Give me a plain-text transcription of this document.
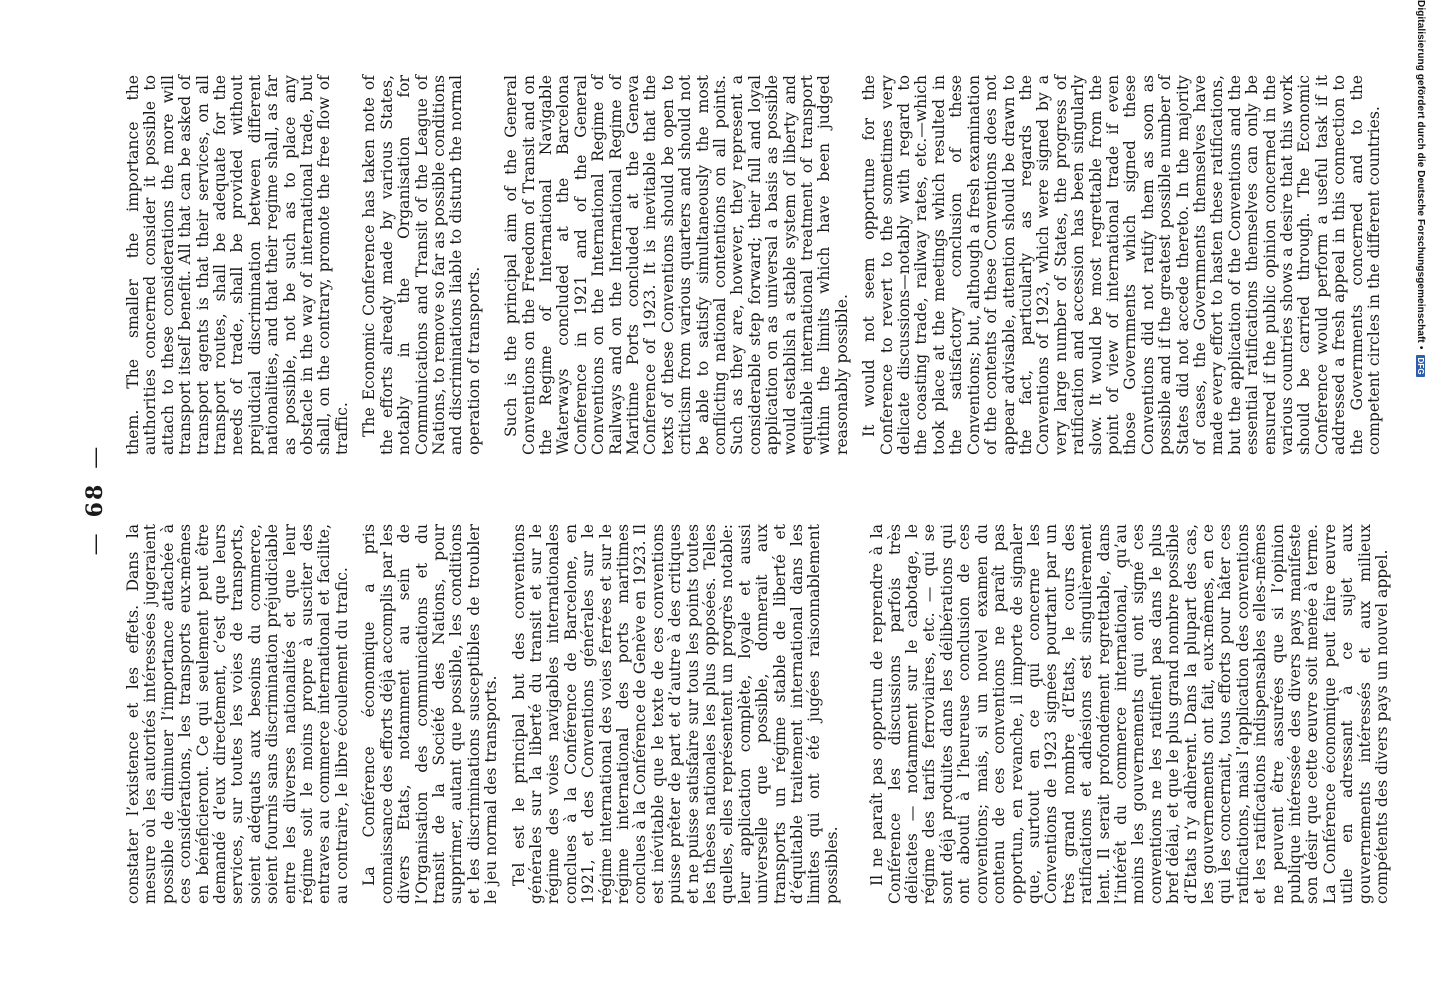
—68—

constater l’existence et les effets. Dans la mesure où les autorités intéressées jugeraient possible de diminuer l’importance attachée à ces considérations, les transports eux-mêmes en bénéficieront. Ce qui seulement peut être demandé d’eux directement, c’est que leurs services, sur toutes les voies de transports, soient adéquats aux besoins du commerce, soient fournis sans discrimination préjudiciable entre les diverses nationalités et que leur régime soit le moins propre à susciter des entraves au commerce international et facilite, au contraire, le libre écoulement du trafic. La Conférence économique a pris connaissance des efforts déjà accomplis par les divers Etats, notamment au sein de l’Organisation des communications et du transit de la Société des Nations, pour supprimer, autant que possible, les conditions et les discriminations susceptibles de troubler le jeu normal des transports. Tel est le principal but des conventions générales sur la liberté du transit et sur le régime des voies navigables internationales conclues à la Conférence de Barcelone, en 1921, et des Conventions générales sur le régime international des voies ferrées et sur le régime international des ports maritimes conclues à la Conférence de Genève en 1923. Il est inévitable que le texte de ces conventions puisse prêter de part et d’autre à des critiques et ne puisse satisfaire sur tous les points toutes les thèses nationales les plus opposées. Telles quelles, elles représentent un progrès notable: leur application complète, loyale et aussi universelle que possible, donnerait aux transports un régime stable de liberté et d’équitable traitement international dans les limites qui ont été jugées raisonnablement possibles. Il ne paraît pas opportun de reprendre à la Conférence les discussions parfois très délicates — notamment sur le cabotage, le régime des tarifs ferroviaires, etc. — qui se sont déjà produites dans les délibérations qui ont abouti à l’heureuse conclusion de ces conventions; mais, si un nouvel examen du contenu de ces conventions ne paraît pas opportun, en revanche, il importe de signaler que, surtout en ce qui concerne les Conventions de 1923 signées pourtant par un très grand nombre d’Etats, le cours des ratifications et adhésions est singulièrement lent. Il serait profondément regrettable, dans l’intérêt du commerce international, qu’au moins les gouvernements qui ont signé ces conventions ne les ratifient pas dans le plus bref délai, et que le plus grand nombre possible d’Etats n’y adhèrent. Dans la plupart des cas, les gouvernements ont fait, eux-mêmes, en ce qui les concernait, tous efforts pour hâter ces ratifications, mais l’application des conventions et les ratifications indispensables elles-mêmes ne peuvent être assurées que si l’opinion publique intéressée des divers pays manifeste son désir que cette œuvre soit menée à terme. La Conférence économique peut faire œuvre utile en adressant à ce sujet aux gouvernements intéressés et aux milieux compétents des divers pays un nouvel appel.

them. The smaller the importance the authorities concerned consider it possible to attach to these considerations the more will transport itself benefit. All that can be asked of transport agents is that their services, on all transport routes, shall be adequate for the needs of trade, shall be provided without prejudicial discrimination between different nationalities, and that their regime shall, as far as possible, not be such as to place any obstacle in the way of international trade, but shall, on the contrary, promote the free flow of traffic. The Economic Conference has taken note of the efforts already made by various States, notably in the Organisation for Communications and Transit of the League of Nations, to remove so far as possible conditions and discriminations liable to disturb the normal operation of transports. Such is the principal aim of the General Conventions on the Freedom of Transit and on the Regime of International Navigable Waterways concluded at the Barcelona Conference in 1921 and of the General Conventions on the International Regime of Railways and on the International Regime of Maritime Ports concluded at the Geneva Conference of 1923. It is inevitable that the texts of these Conventions should be open to criticism from various quarters and should not be able to satisfy simultaneously the most conflicting national contentions on all points. Such as they are, however, they represent a considerable step forward; their full and loyal application on as universal a basis as possible would establish a stable system of liberty and equitable international treatment of transport within the limits which have been judged reasonably possible. It would not seem opportune for the Conference to revert to the sometimes very delicate discussions—notably with regard to the coasting trade, railway rates, etc.—which took place at the meetings which resulted in the satisfactory conclusion of these Conventions; but, although a fresh examination of the contents of these Conventions does not appear advisable, attention should be drawn to the fact, particularly as regards the Conventions of 1923, which were signed by a very large number of States, the progress of ratification and accession has been singularly slow. It would be most regrettable from the point of view of international trade if even those Governments which signed these Conventions did not ratify them as soon as possible and if the greatest possible number of States did not accede thereto. In the majority of cases, the Governments themselves have made every effort to hasten these ratifications, but the application of the Conventions and the essential ratifications themselves can only be ensured if the public opinion concerned in the various countries shows a desire that this work should be carried through. The Economic Conference would perform a useful task if it addressed a fresh appeal in this connection to the Governments concerned and to the competent circles in the different countries.	Digitalisierung gefördert durch die Deutsche Forschungsgemeinschaft•DFG
